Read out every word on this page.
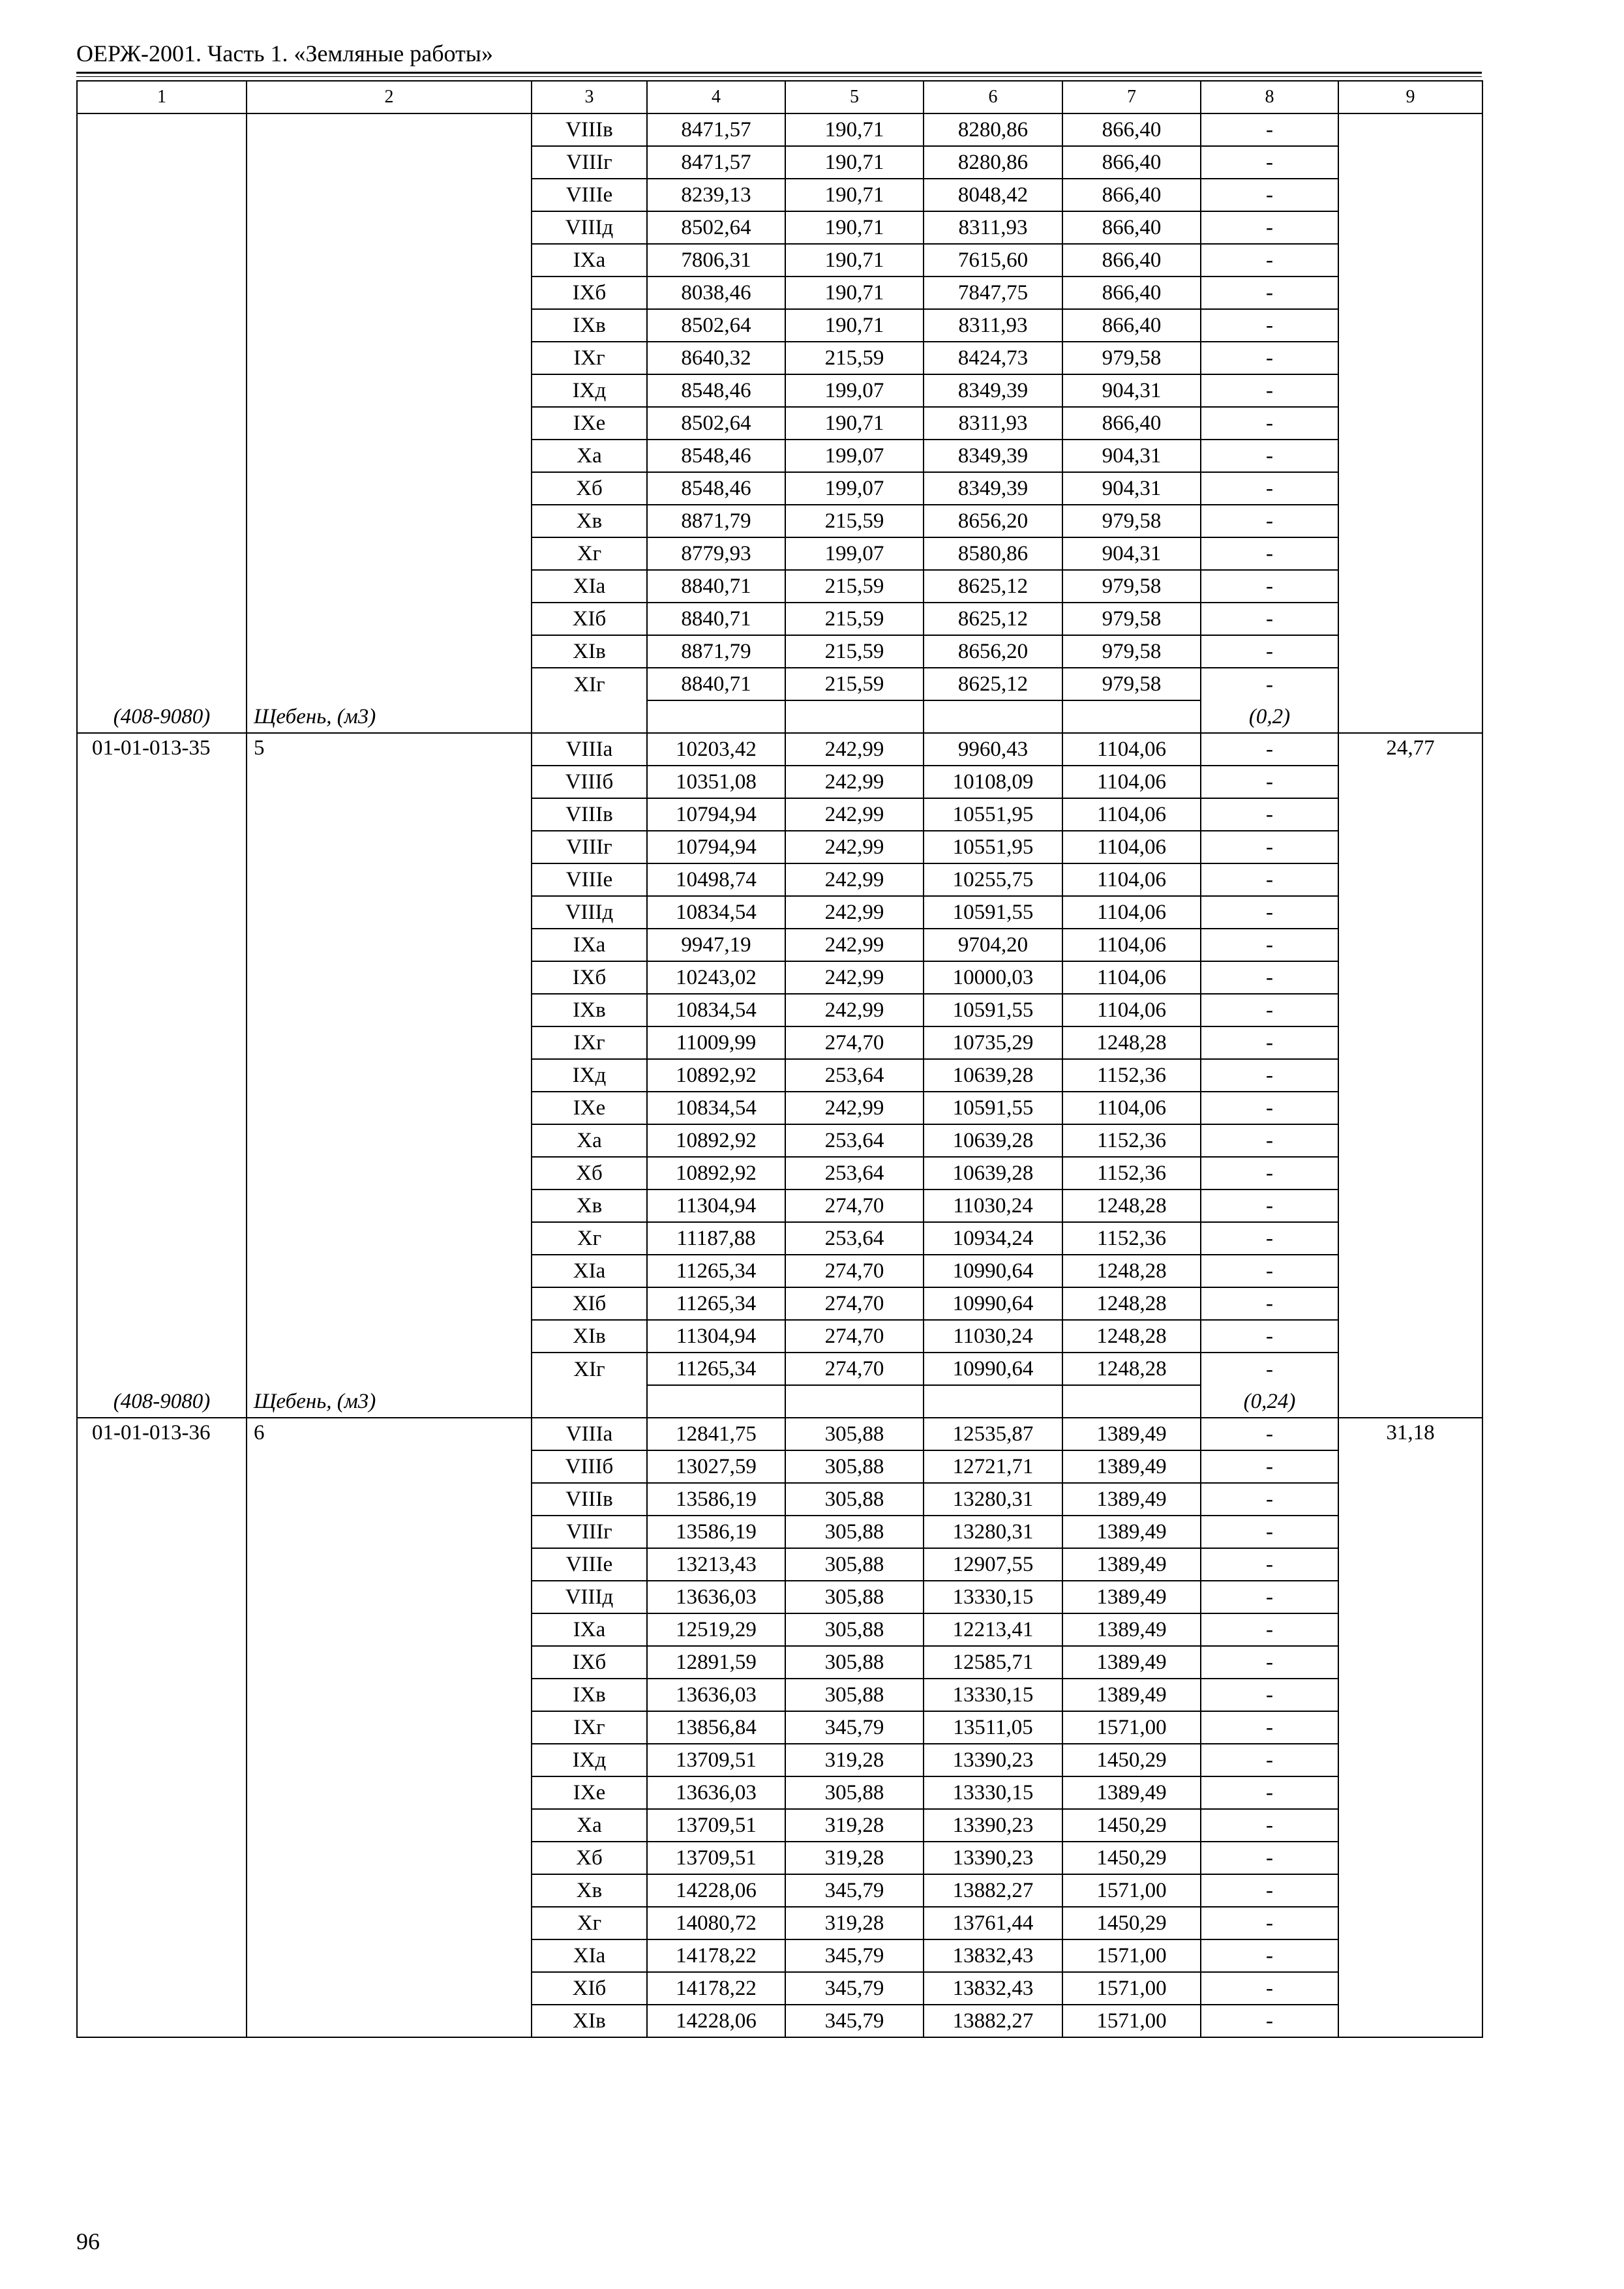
ОЕРЖ-2001. Часть 1. «Земляные работы»
1	2	3	4	5	6	7	8	9
		VIIIв	8471,57	190,71	8280,86	866,40	-	
		VIIIг	8471,57	190,71	8280,86	866,40	-	
		VIIIе	8239,13	190,71	8048,42	866,40	-	
		VIIIд	8502,64	190,71	8311,93	866,40	-	
		IXа	7806,31	190,71	7615,60	866,40	-	
		IXб	8038,46	190,71	7847,75	866,40	-	
		IXв	8502,64	190,71	8311,93	866,40	-	
		IXг	8640,32	215,59	8424,73	979,58	-	
		IXд	8548,46	199,07	8349,39	904,31	-	
		IXе	8502,64	190,71	8311,93	866,40	-	
		Xа	8548,46	199,07	8349,39	904,31	-	
		Xб	8548,46	199,07	8349,39	904,31	-	
		Xв	8871,79	215,59	8656,20	979,58	-	
		Xг	8779,93	199,07	8580,86	904,31	-	
		XIа	8840,71	215,59	8625,12	979,58	-	
		XIб	8840,71	215,59	8625,12	979,58	-	
		XIв	8871,79	215,59	8656,20	979,58	-	
		XIг	8840,71	215,59	8625,12	979,58	-	

(408-9080)	Щебень, (м3)						(0,2)	
01-01-013-35	5	VIIIа	10203,42	242,99	9960,43	1104,06	-	24,77
		VIIIб	10351,08	242,99	10108,09	1104,06	-	
		VIIIв	10794,94	242,99	10551,95	1104,06	-	
		VIIIг	10794,94	242,99	10551,95	1104,06	-	
		VIIIе	10498,74	242,99	10255,75	1104,06	-	
		VIIIд	10834,54	242,99	10591,55	1104,06	-	
		IXа	9947,19	242,99	9704,20	1104,06	-	
		IXб	10243,02	242,99	10000,03	1104,06	-	
		IXв	10834,54	242,99	10591,55	1104,06	-	
		IXг	11009,99	274,70	10735,29	1248,28	-	
		IXд	10892,92	253,64	10639,28	1152,36	-	
		IXе	10834,54	242,99	10591,55	1104,06	-	
		Xа	10892,92	253,64	10639,28	1152,36	-	
		Xб	10892,92	253,64	10639,28	1152,36	-	
		Xв	11304,94	274,70	11030,24	1248,28	-	
		Xг	11187,88	253,64	10934,24	1152,36	-	
		XIа	11265,34	274,70	10990,64	1248,28	-	
		XIб	11265,34	274,70	10990,64	1248,28	-	
		XIв	11304,94	274,70	11030,24	1248,28	-	
		XIг	11265,34	274,70	10990,64	1248,28	-	

(408-9080)	Щебень, (м3)						(0,24)	
01-01-013-36	6	VIIIа	12841,75	305,88	12535,87	1389,49	-	31,18
		VIIIб	13027,59	305,88	12721,71	1389,49	-	
		VIIIв	13586,19	305,88	13280,31	1389,49	-	
		VIIIг	13586,19	305,88	13280,31	1389,49	-	
		VIIIе	13213,43	305,88	12907,55	1389,49	-	
		VIIIд	13636,03	305,88	13330,15	1389,49	-	
		IXа	12519,29	305,88	12213,41	1389,49	-	
		IXб	12891,59	305,88	12585,71	1389,49	-	
		IXв	13636,03	305,88	13330,15	1389,49	-	
		IXг	13856,84	345,79	13511,05	1571,00	-	
		IXд	13709,51	319,28	13390,23	1450,29	-	
		IXе	13636,03	305,88	13330,15	1389,49	-	
		Xа	13709,51	319,28	13390,23	1450,29	-	
		Xб	13709,51	319,28	13390,23	1450,29	-	
		Xв	14228,06	345,79	13882,27	1571,00	-	
		Xг	14080,72	319,28	13761,44	1450,29	-	
		XIа	14178,22	345,79	13832,43	1571,00	-	
		XIб	14178,22	345,79	13832,43	1571,00	-	
		XIв	14228,06	345,79	13882,27	1571,00	-	
96
